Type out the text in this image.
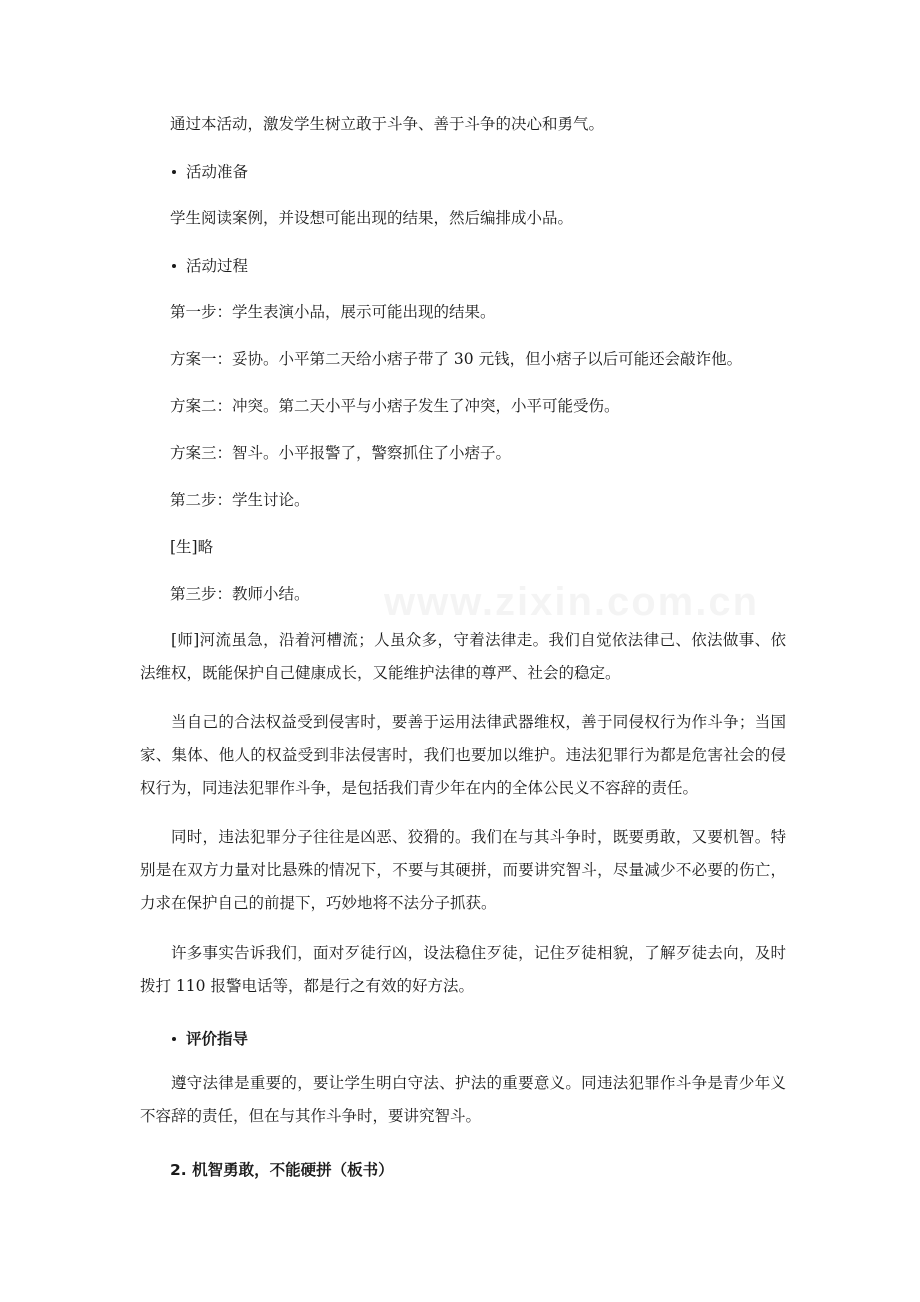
通过本活动，激发学生树立敢于斗争、善于斗争的决心和勇气。
活动准备
学生阅读案例，并设想可能出现的结果，然后编排成小品。
活动过程
第一步：学生表演小品，展示可能出现的结果。
方案一：妥协。小平第二天给小痞子带了 30 元钱，但小痞子以后可能还会敲诈他。
方案二：冲突。第二天小平与小痞子发生了冲突，小平可能受伤。
方案三：智斗。小平报警了，警察抓住了小痞子。
第二步：学生讨论。
[生]略
第三步：教师小结。
[师]河流虽急，沿着河槽流；人虽众多，守着法律走。我们自觉依法律己、依法做事、依法维权，既能保护自己健康成长，又能维护法律的尊严、社会的稳定。
当自己的合法权益受到侵害时，要善于运用法律武器维权，善于同侵权行为作斗争；当国家、集体、他人的权益受到非法侵害时，我们也要加以维护。违法犯罪行为都是危害社会的侵权行为，同违法犯罪作斗争，是包括我们青少年在内的全体公民义不容辞的责任。
同时，违法犯罪分子往往是凶恶、狡猾的。我们在与其斗争时，既要勇敢，又要机智。特别是在双方力量对比悬殊的情况下，不要与其硬拼，而要讲究智斗，尽量减少不必要的伤亡，力求在保护自己的前提下，巧妙地将不法分子抓获。
许多事实告诉我们，面对歹徒行凶，设法稳住歹徒，记住歹徒相貌，了解歹徒去向，及时拨打 110 报警电话等，都是行之有效的好方法。
评价指导
遵守法律是重要的，要让学生明白守法、护法的重要意义。同违法犯罪作斗争是青少年义不容辞的责任，但在与其作斗争时，要讲究智斗。
2. 机智勇敢，不能硬拼（板书）
